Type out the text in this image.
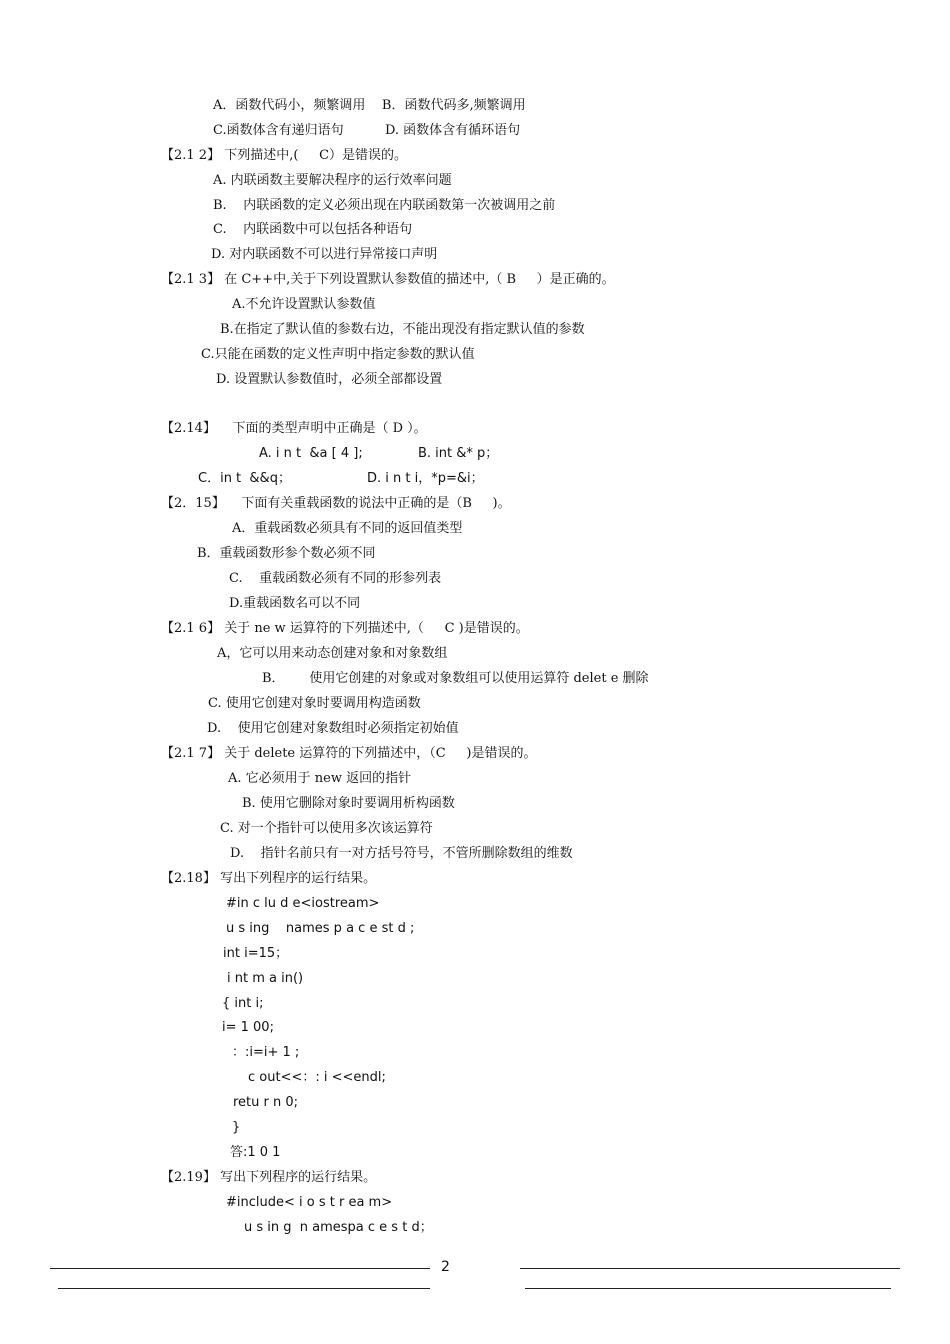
A．函数代码小，频繁调用    B．函数代码多,频繁调用
C.函数体含有递归语句          D. 函数体含有循环语句
【2.1 2】 下列描述中,(     C）是错误的。
A. 内联函数主要解决程序的运行效率问题
B.    内联函数的定义必须出现在内联函数第一次被调用之前
C.    内联函数中可以包括各种语句
D. 对内联函数不可以进行异常接口声明
【2.1 3】 在 C++中,关于下列设置默认参数值的描述中,（ B     ）是正确的。
A.不允许设置默认参数值
B.在指定了默认值的参数右边，不能出现没有指定默认值的参数
C.只能在函数的定义性声明中指定参数的默认值
D. 设置默认参数值时，必须全部都设置
【2.14】    下面的类型声明中正确是（ D ）。
A. i n t  &a [ 4 ];	B. int &* p；
C．in t  &&q；	D. i n t i，*p=&i；
【2．15】    下面有关重载函数的说法中正确的是（B     )。
A．重载函数必须具有不同的返回值类型
B．重载函数形参个数必须不同
C.    重载函数必须有不同的形参列表
D.重载函数名可以不同
【2.1 6】 关于 ne w 运算符的下列描述中,（     C )是错误的。
A，它可以用来动态创建对象和对象数组
B．      使用它创建的对象或对象数组可以使用运算符 delet e 删除
C. 使用它创建对象时要调用构造函数
D.    使用它创建对象数组时必须指定初始值
【2.1 7】 关于 delete 运算符的下列描述中，（C     )是错误的。
A. 它必须用于 new 返回的指针
B. 使用它删除对象时要调用析构函数
C. 对一个指针可以使用多次该运算符
D.    指针名前只有一对方括号符号，不管所删除数组的维数
【2.18】 写出下列程序的运行结果。
#in c lu d e<iostream>
u s ing    names p a c e st d ;
int i=15；
i nt m a in()
{ int i;
i= 1 00;
：:i=i+ 1 ;
c out<<：: i <<endl;
retu r n 0;
}
答:1 0 1
【2.19】 写出下列程序的运行结果。
#include< i o s t r ea m>
u s in g  n amespa c e s t d；
2
